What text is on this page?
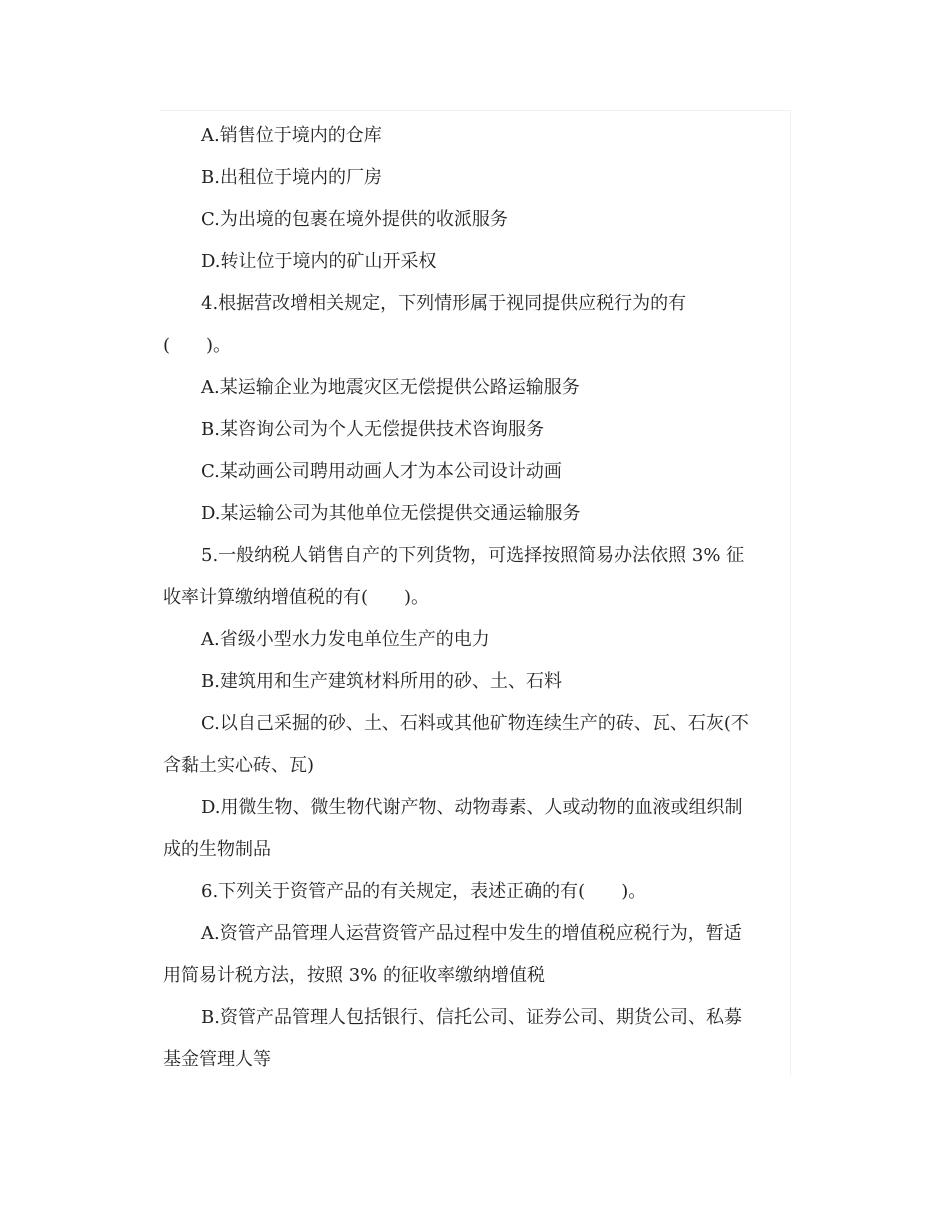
A.销售位于境内的仓库
B.出租位于境内的厂房
C.为出境的包裹在境外提供的收派服务
D.转让位于境内的矿山开采权
4.根据营改增相关规定，下列情形属于视同提供应税行为的有
(　　)。
A.某运输企业为地震灾区无偿提供公路运输服务
B.某咨询公司为个人无偿提供技术咨询服务
C.某动画公司聘用动画人才为本公司设计动画
D.某运输公司为其他单位无偿提供交通运输服务
5.一般纳税人销售自产的下列货物，可选择按照简易办法依照 3% 征
收率计算缴纳增值税的有(　　)。
A.省级小型水力发电单位生产的电力
B.建筑用和生产建筑材料所用的砂、土、石料
C.以自己采掘的砂、土、石料或其他矿物连续生产的砖、瓦、石灰(不
含黏土实心砖、瓦)
D.用微生物、微生物代谢产物、动物毒素、人或动物的血液或组织制
成的生物制品
6.下列关于资管产品的有关规定，表述正确的有(　　)。
A.资管产品管理人运营资管产品过程中发生的增值税应税行为，暂适
用简易计税方法，按照 3% 的征收率缴纳增值税
B.资管产品管理人包括银行、信托公司、证券公司、期货公司、私募
基金管理人等
